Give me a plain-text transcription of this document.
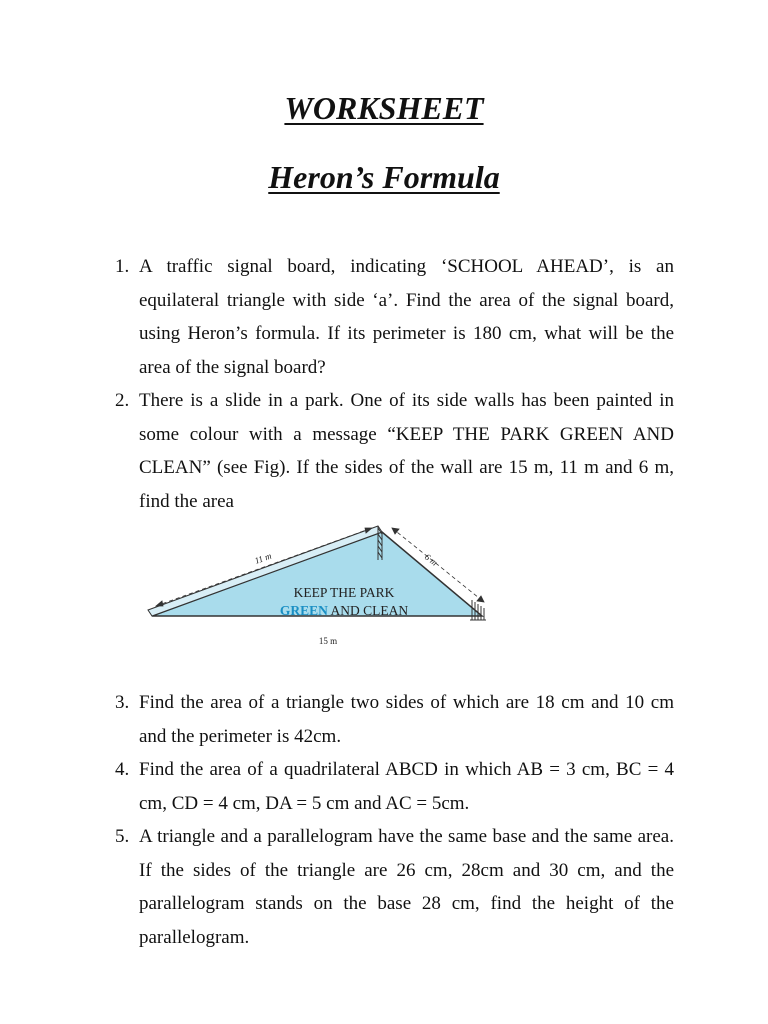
WORKSHEET
Heron’s Formula
1. A traffic signal board, indicating ‘SCHOOL AHEAD’, is an equilateral triangle with side ‘a’. Find the area of the signal board, using Heron’s formula. If its perimeter is 180 cm, what will be the area of the signal board?
2. There is a slide in a park. One of its side walls has been painted in some colour with a message “KEEP THE PARK GREEN AND CLEAN” (see Fig). If the sides of the wall are 15 m, 11 m and 6 m, find the area
11 m	6 m
KEEP THE PARK
GREEN AND CLEAN
15 m
3. Find the area of a triangle two sides of which are 18 cm and 10 cm and the perimeter is 42cm.
4. Find the area of a quadrilateral ABCD in which AB = 3 cm, BC = 4 cm, CD = 4 cm, DA = 5 cm and AC = 5cm.
5. A triangle and a parallelogram have the same base and the same area. If the sides of the triangle are 26 cm, 28cm and 30 cm, and the parallelogram stands on the base 28 cm, find the height of the parallelogram.
